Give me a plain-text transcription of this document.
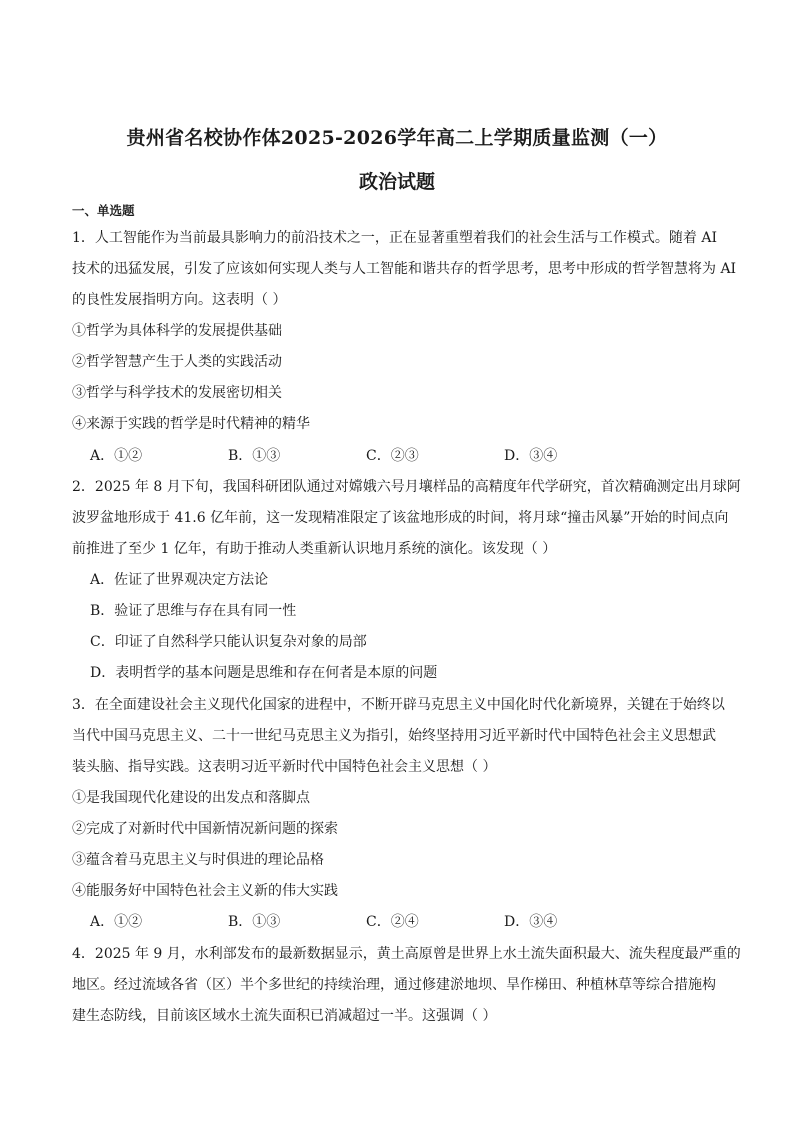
贵州省名校协作体2025-2026学年高二上学期质量监测（一）
政治试题
一、单选题
1．人工智能作为当前最具影响力的前沿技术之一，正在显著重塑着我们的社会生活与工作模式。随着 AI
技术的迅猛发展，引发了应该如何实现人类与人工智能和谐共存的哲学思考，思考中形成的哲学智慧将为 AI
的良性发展指明方向。这表明（ ）
①哲学为具体科学的发展提供基础
②哲学智慧产生于人类的实践活动
③哲学与科学技术的发展密切相关
④来源于实践的哲学是时代精神的精华
A．①②	B．①③	C．②③	D．③④
2．2025 年 8 月下旬，我国科研团队通过对嫦娥六号月壤样品的高精度年代学研究，首次精确测定出月球阿
波罗盆地形成于 41.6 亿年前，这一发现精准限定了该盆地形成的时间，将月球“撞击风暴”开始的时间点向
前推进了至少 1 亿年，有助于推动人类重新认识地月系统的演化。该发现（ ）
A．佐证了世界观决定方法论
B．验证了思维与存在具有同一性
C．印证了自然科学只能认识复杂对象的局部
D．表明哲学的基本问题是思维和存在何者是本原的问题
3．在全面建设社会主义现代化国家的进程中，不断开辟马克思主义中国化时代化新境界，关键在于始终以
当代中国马克思主义、二十一世纪马克思主义为指引，始终坚持用习近平新时代中国特色社会主义思想武
装头脑、指导实践。这表明习近平新时代中国特色社会主义思想（ ）
①是我国现代化建设的出发点和落脚点
②完成了对新时代中国新情况新问题的探索
③蕴含着马克思主义与时俱进的理论品格
④能服务好中国特色社会主义新的伟大实践
A．①②	B．①③	C．②④	D．③④
4．2025 年 9 月，水利部发布的最新数据显示，黄土高原曾是世界上水土流失面积最大、流失程度最严重的
地区。经过流域各省（区）半个多世纪的持续治理，通过修建淤地坝、旱作梯田、种植林草等综合措施构
建生态防线，目前该区域水土流失面积已消减超过一半。这强调（ ）
